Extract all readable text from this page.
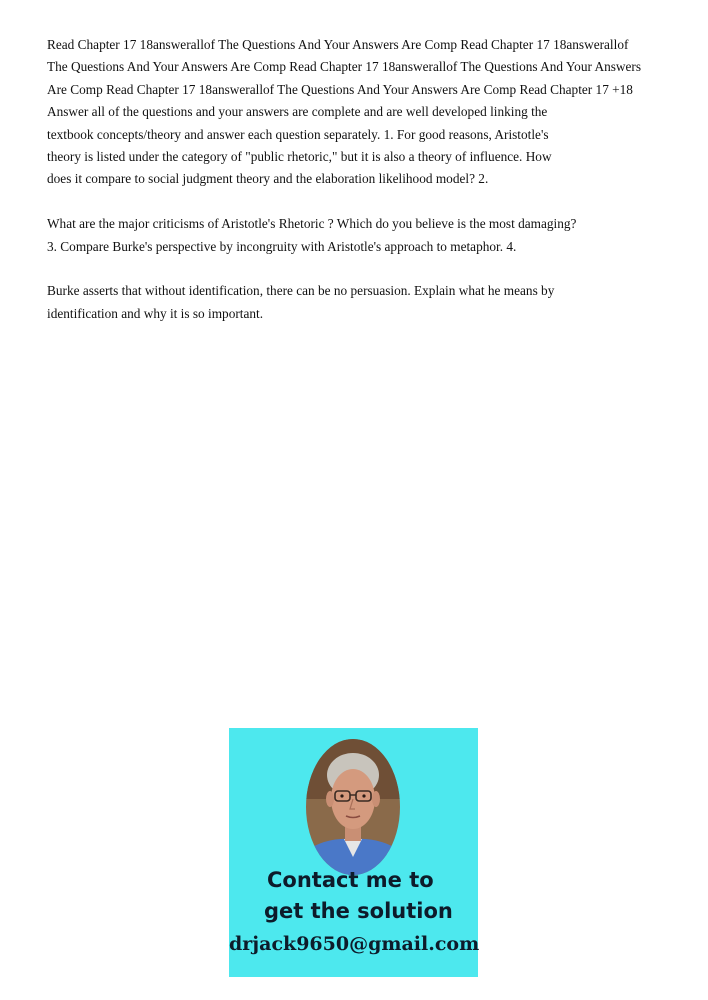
Read Chapter 17 18answerallof The Questions And Your Answers Are Comp Read Chapter 17 18answerallof
The Questions And Your Answers Are Comp Read Chapter 17 18answerallof The Questions And Your Answers
Are Comp Read Chapter 17 18answerallof The Questions And Your Answers Are Comp Read Chapter 17 +18
Answer all of the questions and your answers are complete and are well developed linking the
textbook concepts/theory and answer each question separately. 1. For good reasons, Aristotle's
theory is listed under the category of "public rhetoric," but it is also a theory of influence. How
does it compare to social judgment theory and the elaboration likelihood model? 2.
What are the major criticisms of Aristotle's Rhetoric ? Which do you believe is the most damaging?
3. Compare Burke's perspective by incongruity with Aristotle's approach to metaphor. 4.
Burke asserts that without identification, there can be no persuasion. Explain what he means by
identification and why it is so important.
Contact me to
get the solution
drjack9650@gmail.com
